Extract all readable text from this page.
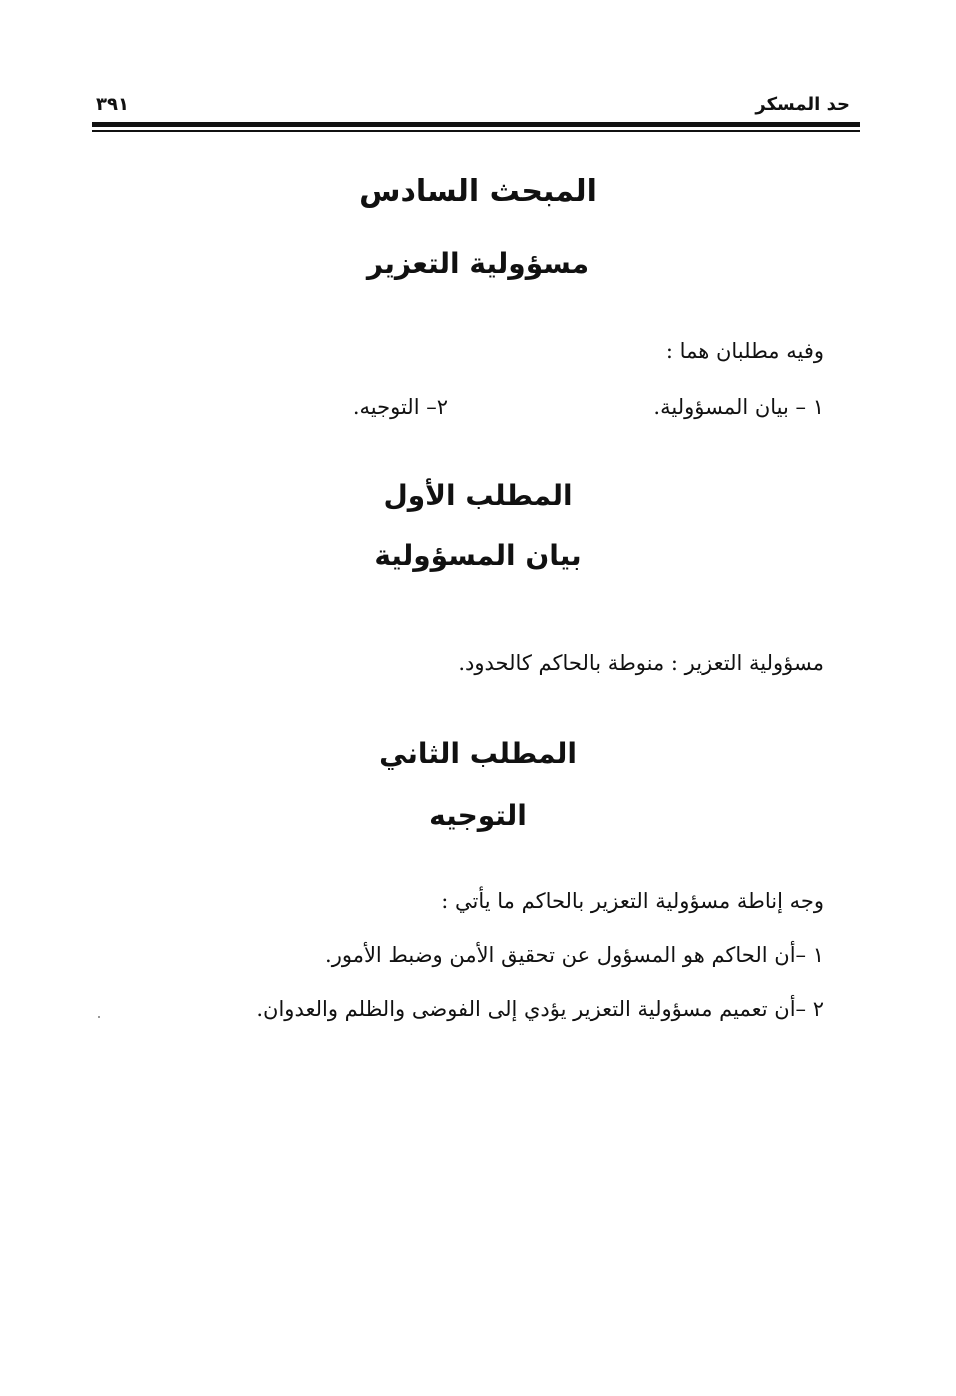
حد المسكر
٣٩١
المبحث السادس
مسؤولية التعزير
وفيه مطلبان هما :
١ – بيان المسؤولية.
٢– التوجيه.
المطلب الأول
بيان المسؤولية
مسؤولية التعزير : منوطة بالحاكم كالحدود.
المطلب الثاني
التوجيه
وجه إناطة مسؤولية التعزير بالحاكم ما يأتي :
١ –أن الحاكم هو المسؤول عن تحقيق الأمن وضبط الأمور.
٢ –أن تعميم مسؤولية التعزير يؤدي إلى الفوضى والظلم والعدوان.
